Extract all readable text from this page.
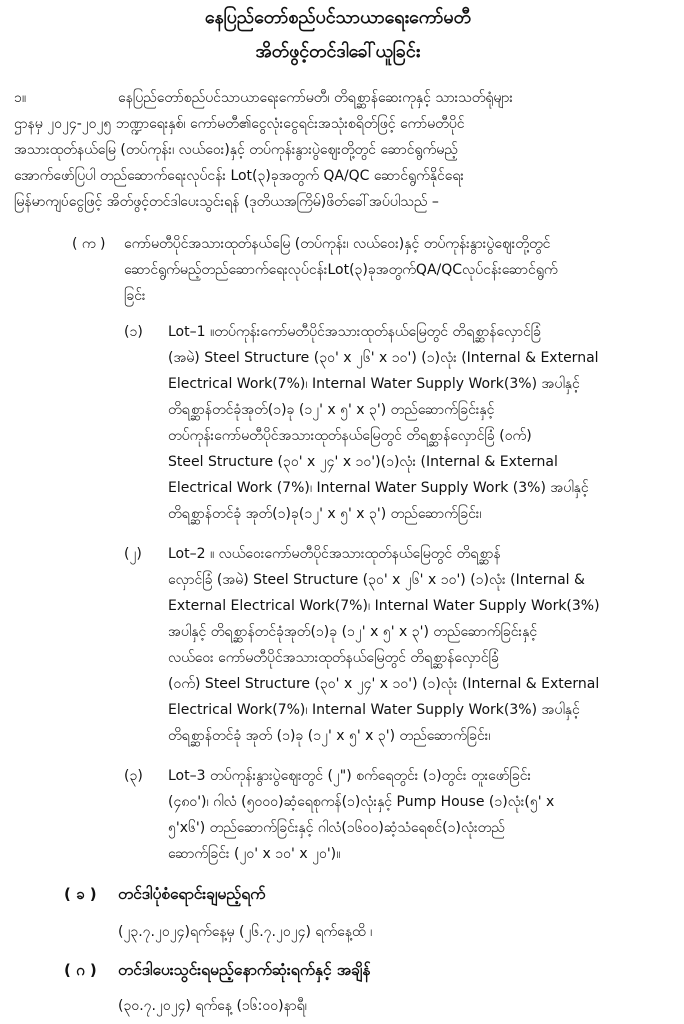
နေပြည်တော်စည်ပင်သာယာရေးကော်မတီ
အိတ်ဖွင့်တင်ဒါခေါ်ယူခြင်း
၁။	နေပြည်တော်စည်ပင်သာယာရေးကော်မတီ၊ တိရစ္ဆာန်ဆေးကုနှင့် သားသတ်ရုံများ
ဌာနမှ ၂၀၂၄-၂၀၂၅ ဘဏ္ဍာရေးနှစ်၊ ကော်မတီ၏ငွေလုံးငွေရင်းအသုံးစရိတ်ဖြင့် ကော်မတီပိုင်
အသားထုတ်နယ်မြေ (တပ်ကုန်း၊ လယ်ဝေး)နှင့် တပ်ကုန်းနွားပွဲဈေးတို့တွင် ဆောင်ရွက်မည့်
အောက်ဖော်ပြပါ တည်ဆောက်ရေးလုပ်ငန်း Lot(၃)ခုအတွက် QA/QC ဆောင်ရွက်နိုင်ရေး
မြန်မာကျပ်ငွေဖြင့် အိတ်ဖွင့်တင်ဒါပေးသွင်းရန် (ဒုတိယအကြိမ်)ဖိတ်ခေါ်အပ်ပါသည် –
( က ) ကော်မတီပိုင်အသားထုတ်နယ်မြေ (တပ်ကုန်း၊ လယ်ဝေး)နှင့် တပ်ကုန်းနွားပွဲဈေးတို့တွင်
ဆောင်ရွက်မည့်တည်ဆောက်ရေးလုပ်ငန်းLot(၃)ခုအတွက်QA/QCလုပ်ငန်းဆောင်ရွက်
ခြင်း
(၁) Lot–1 ။တပ်ကုန်းကော်မတီပိုင်အသားထုတ်နယ်မြေတွင် တိရစ္ဆာန်လှောင်ခြံ
(အမဲ) Steel Structure (၃၀' x ၂၆' x ၁၀') (၁)လုံး (Internal & External
Electrical Work(7%)၊ Internal Water Supply Work(3%) အပါနှင့်
တိရစ္ဆာန်တင်ခုံအုတ်(၁)ခု (၁၂' x ၅' x ၃') တည်ဆောက်ခြင်းနှင့်
တပ်ကုန်းကော်မတီပိုင်အသားထုတ်နယ်မြေတွင် တိရစ္ဆာန်လှောင်ခြံ (ဝက်)
Steel Structure (၃၀' x ၂၄' x ၁၀')(၁)လုံး (Internal & External
Electrical Work (7%)၊ Internal Water Supply Work (3%) အပါနှင့်
တိရစ္ဆာန်တင်ခုံ အုတ်(၁)ခု(၁၂' x ၅' x ၃') တည်ဆောက်ခြင်း၊
(၂) Lot–2 ။ လယ်ဝေးကော်မတီပိုင်အသားထုတ်နယ်မြေတွင် တိရစ္ဆာန်
လှောင်ခြံ (အမဲ) Steel Structure (၃၀' x ၂၆' x ၁၀') (၁)လုံး (Internal &
External Electrical Work(7%)၊ Internal Water Supply Work(3%)
အပါနှင့် တိရစ္ဆာန်တင်ခုံအုတ်(၁)ခု (၁၂' x ၅' x ၃') တည်ဆောက်ခြင်းနှင့်
လယ်ဝေး ကော်မတီပိုင်အသားထုတ်နယ်မြေတွင် တိရစ္ဆာန်လှောင်ခြံ
(ဝက်) Steel Structure (၃၀' x ၂၄' x ၁၀') (၁)လုံး (Internal & External
Electrical Work(7%)၊ Internal Water Supply Work(3%) အပါနှင့်
တိရစ္ဆာန်တင်ခုံ အုတ် (၁)ခု (၁၂' x ၅' x ၃') တည်ဆောက်ခြင်း၊
(၃) Lot–3 တပ်ကုန်းနွားပွဲဈေးတွင် (၂") စက်ရေတွင်း (၁)တွင်း တူးဖော်ခြင်း
(၄၈၀')၊ ဂါလံ (၅၀၀၀)ဆံ့ရေစုကန်(၁)လုံးနှင့် Pump House (၁)လုံး(၅' x
၅'x၆') တည်ဆောက်ခြင်းနှင့် ဂါလံ(၁၆၀၀)ဆံ့သံရေစင်(၁)လုံးတည်
ဆောက်ခြင်း (၂၀' x ၁၀' x ၂၀')။
( ခ ) တင်ဒါပုံစံရောင်းချမည့်ရက်
(၂၃.၇.၂၀၂၄)ရက်နေ့မှ (၂၆.၇.၂၀၂၄) ရက်နေ့ထိ ၊
( ဂ ) တင်ဒါပေးသွင်းရမည့်နောက်ဆုံးရက်နှင့် အချိန်
(၃၀.၇.၂၀၂၄) ရက်နေ့ (၁၆:၀၀)နာရီ၊
